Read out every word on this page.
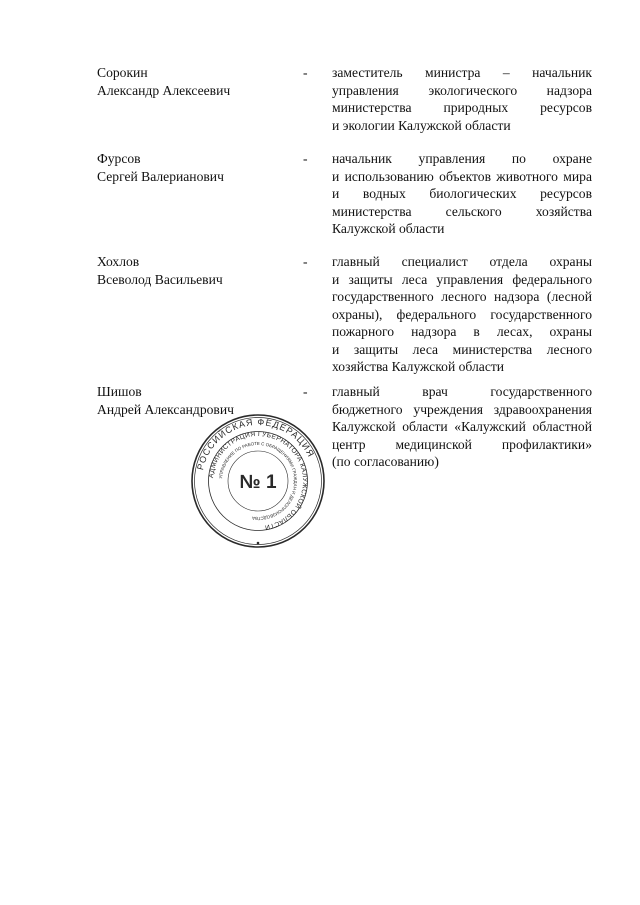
Сорокин
Александр Алексеевич
- заместитель министра – начальник
управления экологического надзора
министерства природных ресурсов
и экологии Калужской области
Фурсов
Сергей Валерианович
- начальник управления по охране
и использованию объектов животного мира
и водных биологических ресурсов
министерства сельского хозяйства
Калужской области
Хохлов
Всеволод Васильевич
- главный специалист отдела охраны
и защиты леса управления федерального
государственного лесного надзора (лесной
охраны), федерального государственного
пожарного надзора в лесах, охраны
и защиты леса министерства лесного
хозяйства Калужской области
Шишов
Андрей Александрович
- главный врач государственного
бюджетного учреждения здравоохранения
Калужской области «Калужский областной
центр медицинской профилактики»
(по согласованию)
РОССИЙСКАЯ ФЕДЕРАЦИЯ
АДМИНИСТРАЦИЯ ГУБЕРНАТОРА КАЛУЖСКОЙ ОБЛАСТИ
УПРАВЛЕНИЕ ПО РАБОТЕ С ОБРАЩЕНИЯМИ ГРАЖДАН И ДЕЛОПРОИЗВОДСТВА
№ 1
